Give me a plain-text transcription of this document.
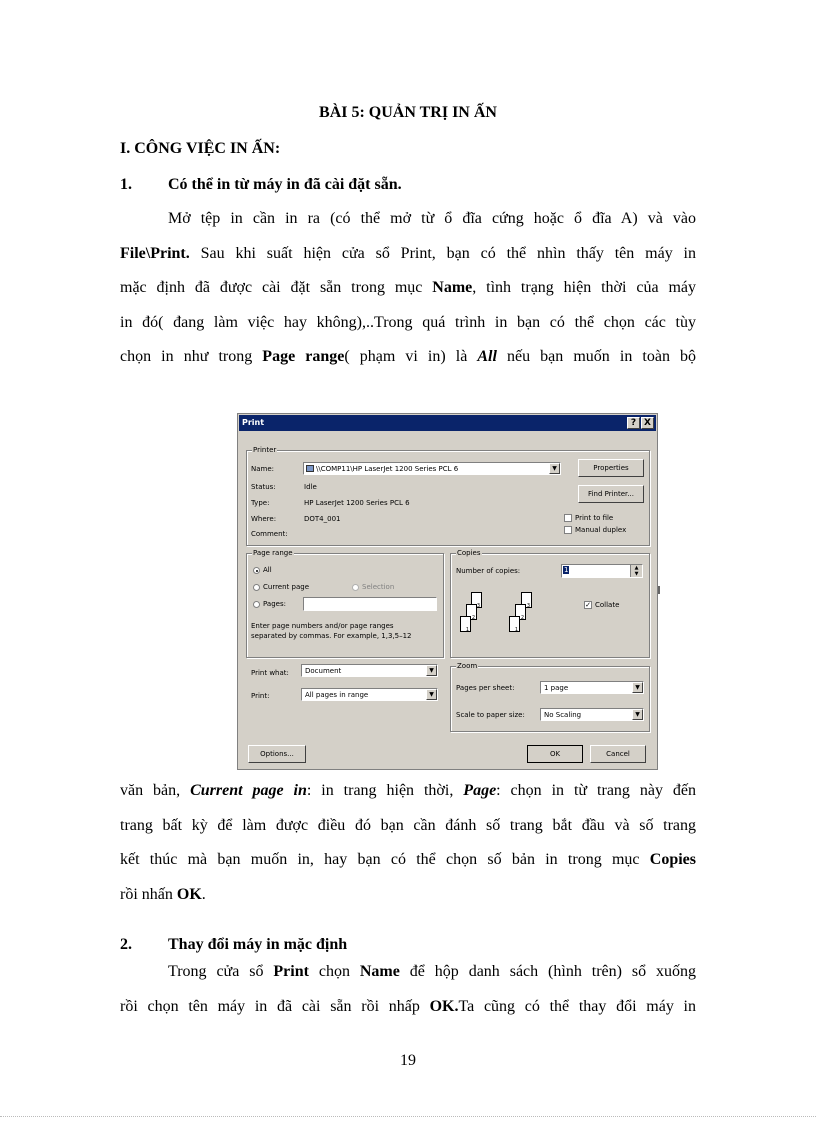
BÀI 5: QUẢN TRỊ IN ẤN
I. CÔNG VIỆC IN ẤN:
1. Có thể in từ máy in đã cài đặt sẵn.
Mở tệp in cần in ra (có thể mở từ ổ đĩa cứng hoặc ổ đĩa A) và vào
File\Print. Sau khi suất hiện cửa sổ Print, bạn có thể nhìn thấy tên máy in
mặc định đã được cài đặt sẵn trong mục Name, tình trạng hiện thời của máy
in đó( đang làm việc hay không),..Trong quá trình in bạn có thể chọn các tùy
chọn in như trong Page range( phạm vi in) là All nếu bạn muốn in toàn bộ
Print	? X
Printer
Name:	\\COMP11\HP LaserJet 1200 Series PCL 6	▼	Properties
Find Printer...
Status:	Idle
Type:	HP LaserJet 1200 Series PCL 6
Where:	DOT4_001
Comment:
Print to file
Manual duplex
Page range
All
Current page	Selection
Pages:
Enter page numbers and/or page ranges
separated by commas. For example, 1,3,5–12
Copies
Number of copies:	1	▲
▼
3
2
1
3
2
1
✓ Collate
Print what: Document	▼
Print:	All pages in range	▼
Zoom
Pages per sheet:	1 page	▼
Scale to paper size:	No Scaling	▼
Options...	OK	Cancel
văn bản, Current page in: in trang hiện thời, Page: chọn in từ trang này đến
trang bất kỳ để làm được điều đó bạn cần đánh số trang bắt đầu và số trang
kết thúc mà bạn muốn in, hay bạn có thể chọn số bản in trong mục Copies
rồi nhấn OK.
2. Thay đổi máy in mặc định
Trong cửa sổ Print chọn Name để hộp danh sách (hình trên) sổ xuống
rồi chọn tên máy in đã cài sẵn rồi nhấp OK.Ta cũng có thể thay đổi máy in
19
